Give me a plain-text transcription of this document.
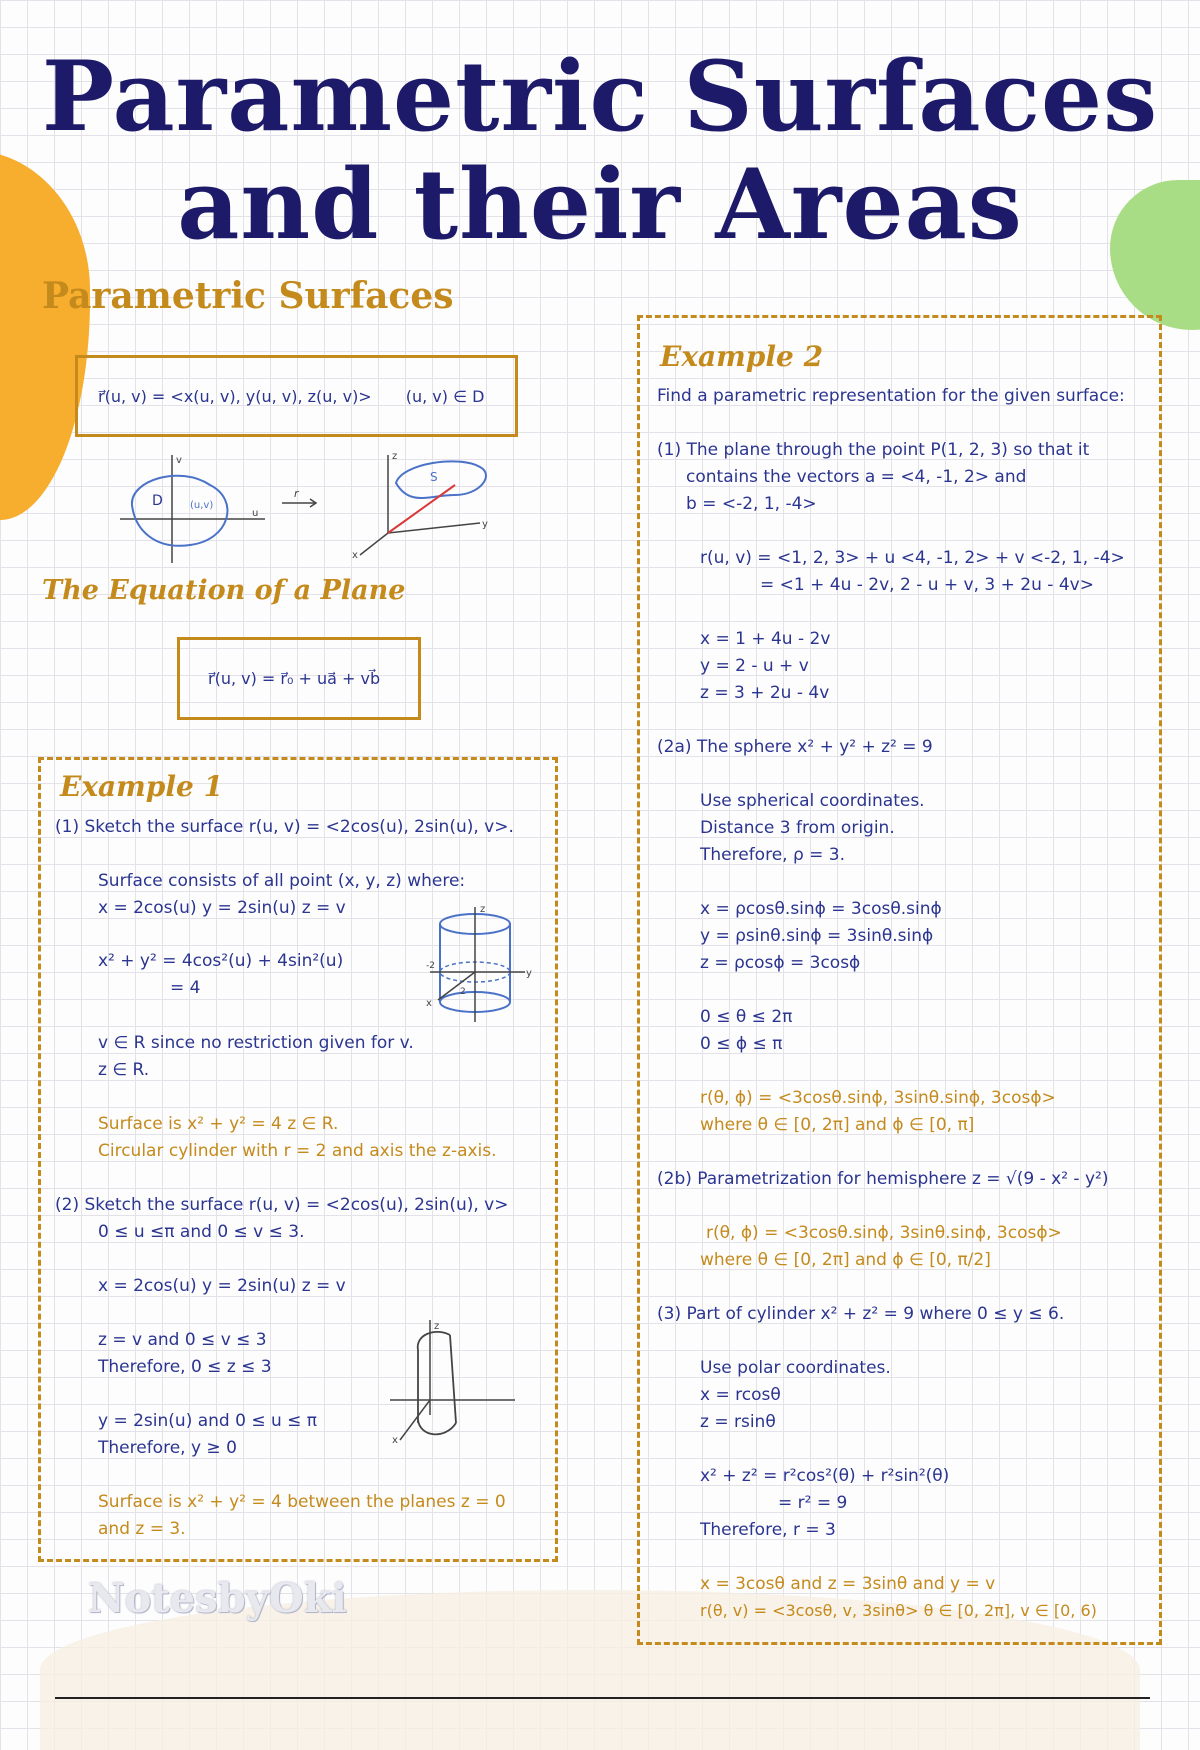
Parametric Surfaces
and their Areas
Parametric Surfaces
r⃗(u, v) = <x(u, v), y(u, v), z(u, v)> (u, v) ∈ D
D	(u,v)
u
v
r
z
y
x
S
The Equation of a Plane
r⃗(u, v) = r⃗₀ + ua⃗ + vb⃗
Example 1
(1) Sketch the surface r(u, v) = <2cos(u), 2sin(u), v>.
Surface consists of all point (x, y, z) where:
x = 2cos(u) y = 2sin(u) z = v
x² + y² = 4cos²(u) + 4sin²(u)
= 4
v ∈ R since no restriction given for v.
z ∈ R.
Surface is x² + y² = 4 z ∈ R.
Circular cylinder with r = 2 and axis the z-axis.
(2) Sketch the surface r(u, v) = <2cos(u), 2sin(u), v>
0 ≤ u ≤π and 0 ≤ v ≤ 3.
x = 2cos(u) y = 2sin(u) z = v
z = v and 0 ≤ v ≤ 3
Therefore, 0 ≤ z ≤ 3
y = 2sin(u) and 0 ≤ u ≤ π
Therefore, y ≥ 0
Surface is x² + y² = 4 between the planes z = 0
and z = 3.
z
y
x
-2
2
z
x
Example 2
Find a parametric representation for the given surface:
(1) The plane through the point P(1, 2, 3) so that it
contains the vectors a = <4, -1, 2> and
b = <-2, 1, -4>
r(u, v) = <1, 2, 3> + u <4, -1, 2> + v <-2, 1, -4>
= <1 + 4u - 2v, 2 - u + v, 3 + 2u - 4v>
x = 1 + 4u - 2v
y = 2 - u + v
z = 3 + 2u - 4v
(2a) The sphere x² + y² + z² = 9
Use spherical coordinates.
Distance 3 from origin.
Therefore, ρ = 3.
x = ρcosθ.sinϕ = 3cosθ.sinϕ
y = ρsinθ.sinϕ = 3sinθ.sinϕ
z = ρcosϕ = 3cosϕ
0 ≤ θ ≤ 2π
0 ≤ ϕ ≤ π
r(θ, ϕ) = <3cosθ.sinϕ, 3sinθ.sinϕ, 3cosϕ>
where θ ∈ [0, 2π] and ϕ ∈ [0, π]
(2b) Parametrization for hemisphere z = √(9 - x² - y²)
r(θ, ϕ) = <3cosθ.sinϕ, 3sinθ.sinϕ, 3cosϕ>
where θ ∈ [0, 2π] and ϕ ∈ [0, π/2]
(3) Part of cylinder x² + z² = 9 where 0 ≤ y ≤ 6.
Use polar coordinates.
x = rcosθ
z = rsinθ
x² + z² = r²cos²(θ) + r²sin²(θ)
= r² = 9
Therefore, r = 3
x = 3cosθ and z = 3sinθ and y = v
r(θ, v) = <3cosθ, v, 3sinθ> θ ∈ [0, 2π], v ∈ [0, 6)
NotesbyOki
